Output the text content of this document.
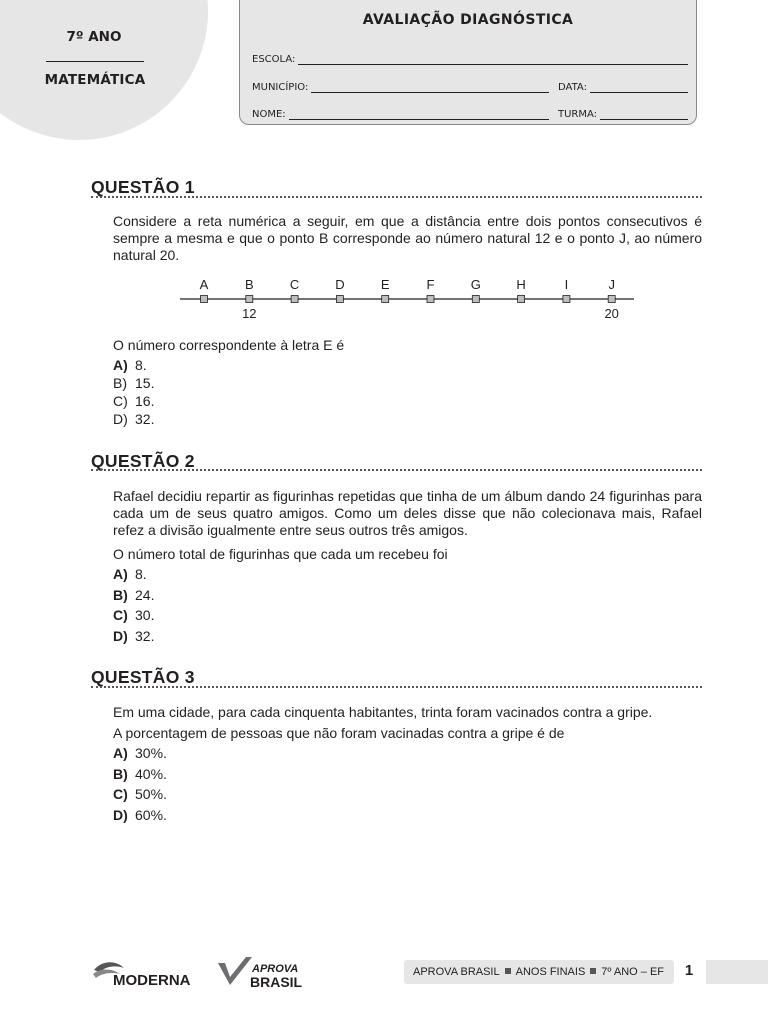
7º ANO
MATEMÁTICA
AVALIAÇÃO DIAGNÓSTICA
ESCOLA:
MUNICÍPIO:	DATA:
NOME:	TURMA:
QUESTÃO 1
Considere a reta numérica a seguir, em que a distância entre dois pontos consecutivos é sempre a mesma e que o ponto B corresponde ao número natural 12 e o ponto J, ao número natural 20.
A	B	C	D	E	F	G	H	I	J
12	20
O número correspondente à letra E é
A) 8.
B) 15.
C) 16.
D) 32.
QUESTÃO 2
Rafael decidiu repartir as figurinhas repetidas que tinha de um álbum dando 24 figurinhas para cada um de seus quatro amigos. Como um deles disse que não colecionava mais, Rafael refez a divisão igualmente entre seus outros três amigos.
O número total de figurinhas que cada um recebeu foi
A) 8.
B) 24.
C) 30.
D) 32.
QUESTÃO 3
Em uma cidade, para cada cinquenta habitantes, trinta foram vacinados contra a gripe.
A porcentagem de pessoas que não foram vacinadas contra a gripe é de
A) 30%.
B) 40%.
C) 50%.
D) 60%.
MODERNA
APROVA
BRASIL
APROVA BRASIL ANOS FINAIS 7º ANO – EF	1
